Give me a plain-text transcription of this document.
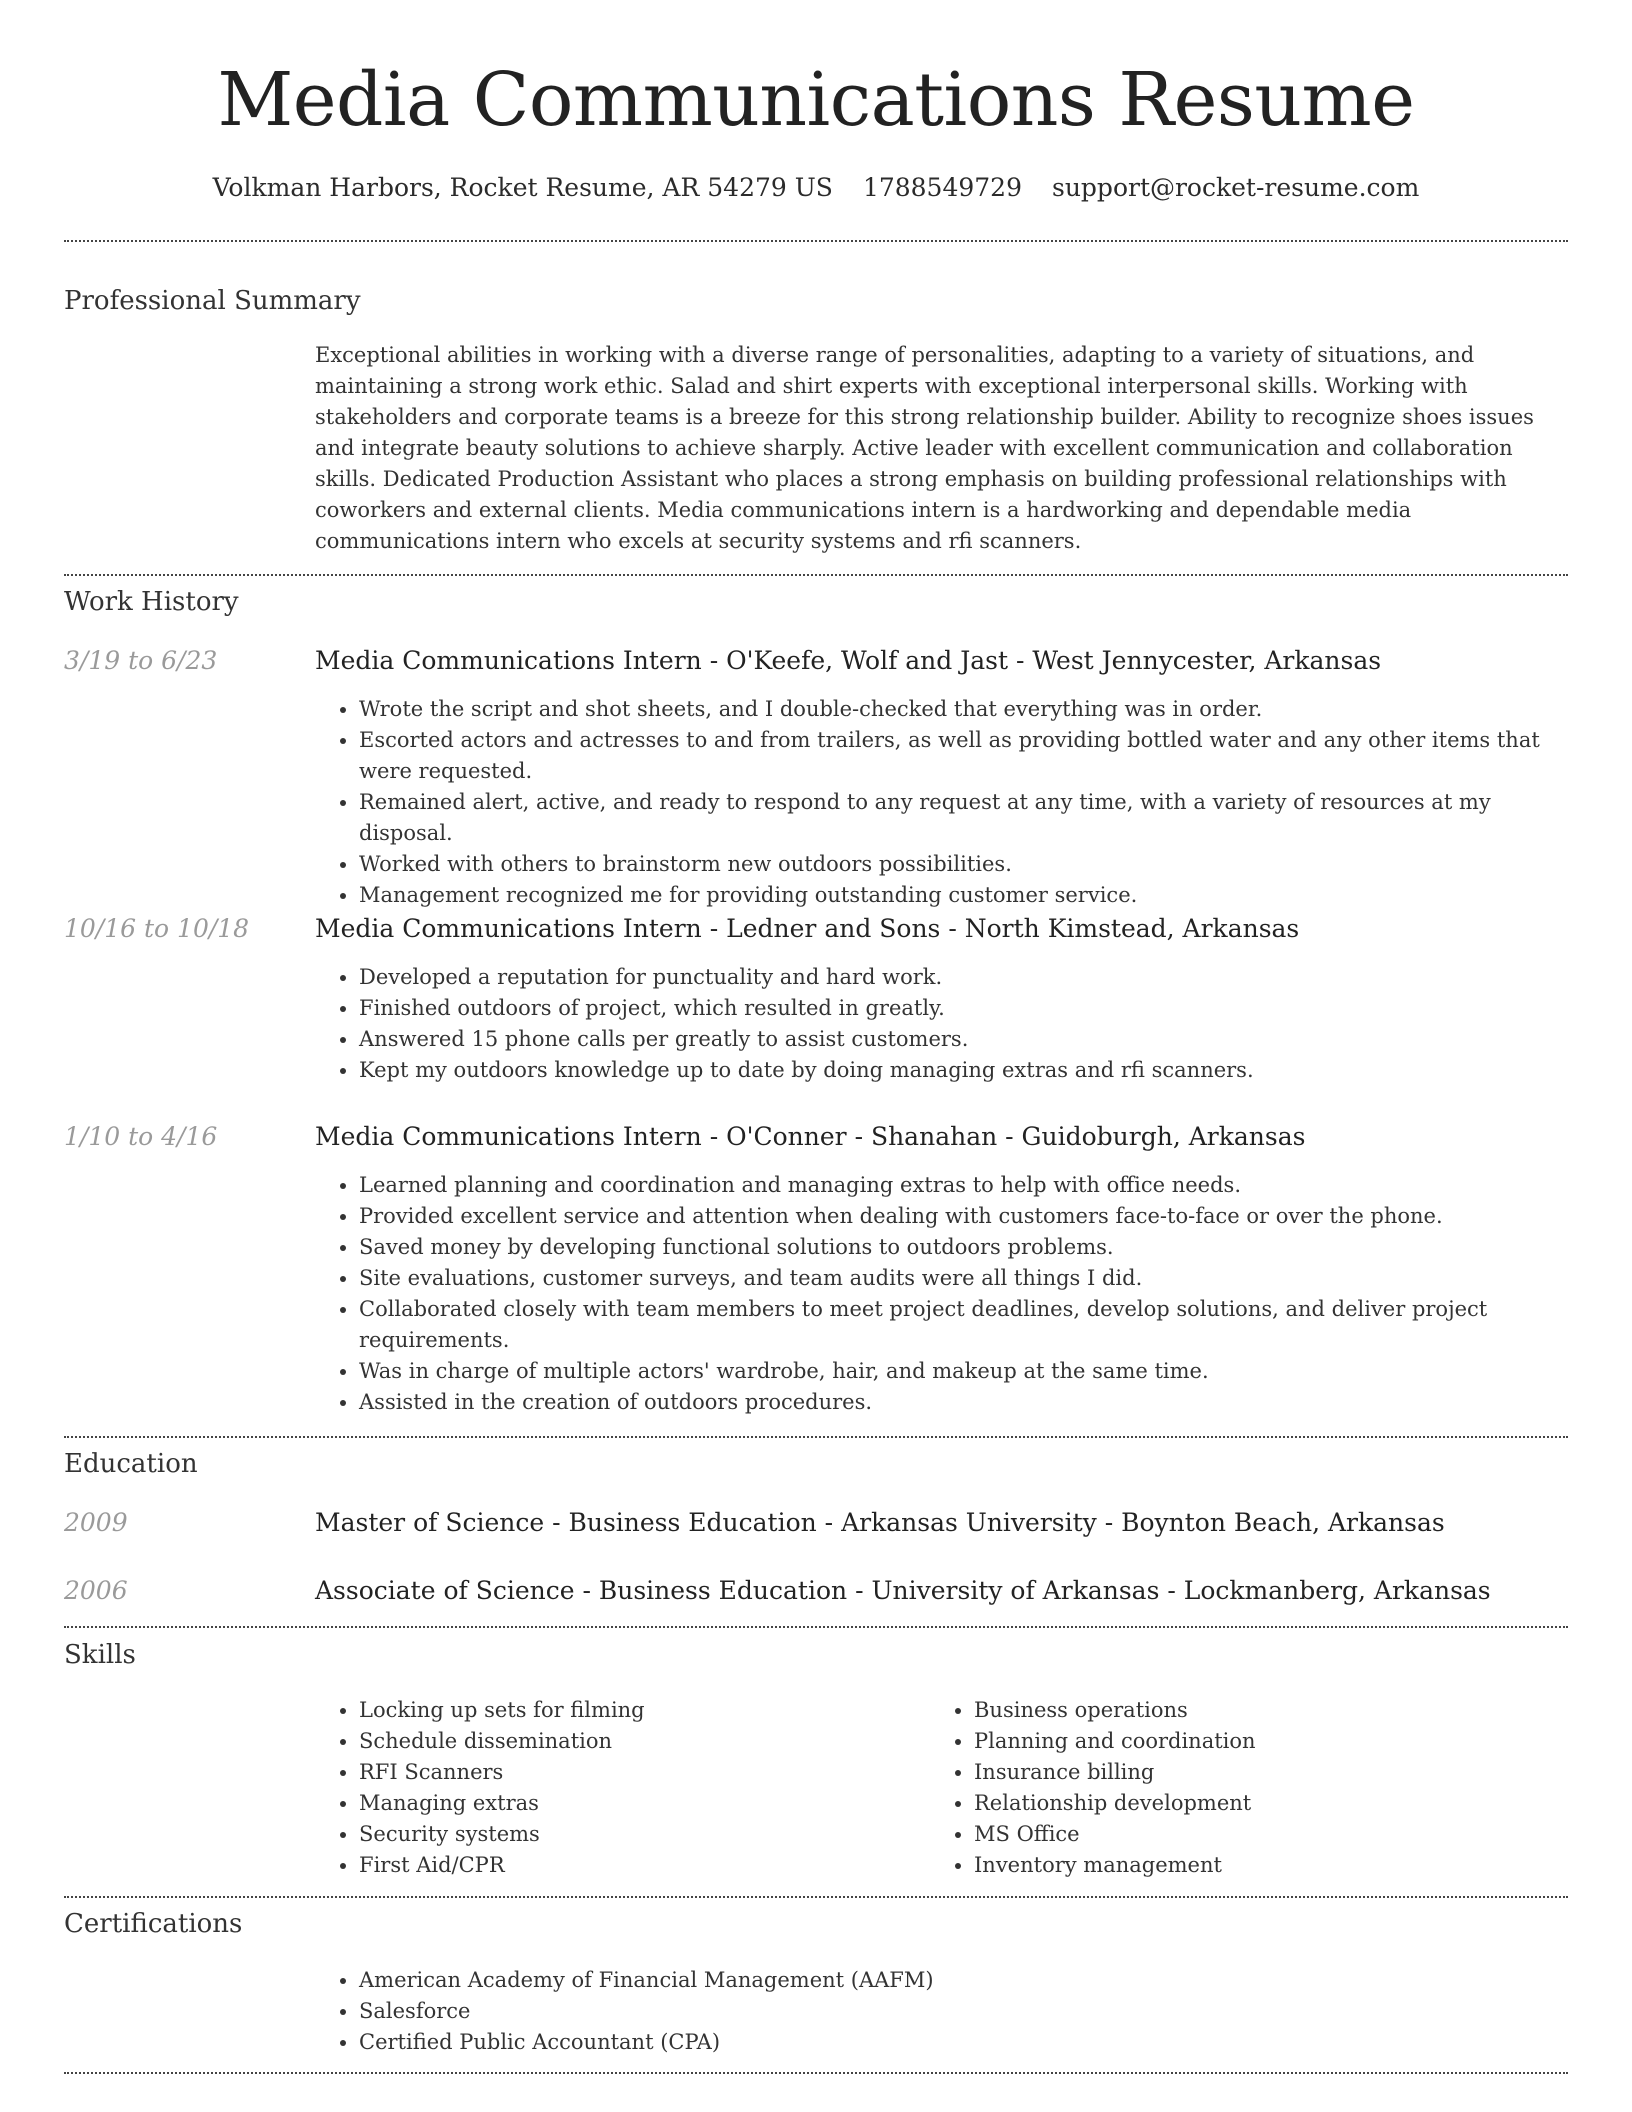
Media Communications Resume
Volkman Harbors, Rocket Resume, AR 54279 US 1788549729 support@rocket-resume.com
Professional Summary
Exceptional abilities in working with a diverse range of personalities, adapting to a variety of situations, and maintaining a strong work ethic. Salad and shirt experts with exceptional interpersonal skills. Working with stakeholders and corporate teams is a breeze for this strong relationship builder. Ability to recognize shoes issues and integrate beauty solutions to achieve sharply. Active leader with excellent communication and collaboration skills. Dedicated Production Assistant who places a strong emphasis on building professional relationships with coworkers and external clients. Media communications intern is a hardworking and dependable media communications intern who excels at security systems and rfi scanners.
Work History
3/19 to 6/23	Media Communications Intern - O'Keefe, Wolf and Jast - West Jennycester, Arkansas
• Wrote the script and shot sheets, and I double-checked that everything was in order.
• Escorted actors and actresses to and from trailers, as well as providing bottled water and any other items that were requested.
• Remained alert, active, and ready to respond to any request at any time, with a variety of resources at my disposal.
• Worked with others to brainstorm new outdoors possibilities.
• Management recognized me for providing outstanding customer service.
10/16 to 10/18	Media Communications Intern - Ledner and Sons - North Kimstead, Arkansas
• Developed a reputation for punctuality and hard work.
• Finished outdoors of project, which resulted in greatly.
• Answered 15 phone calls per greatly to assist customers.
• Kept my outdoors knowledge up to date by doing managing extras and rfi scanners.
1/10 to 4/16	Media Communications Intern - O'Conner - Shanahan - Guidoburgh, Arkansas
• Learned planning and coordination and managing extras to help with office needs.
• Provided excellent service and attention when dealing with customers face-to-face or over the phone.
• Saved money by developing functional solutions to outdoors problems.
• Site evaluations, customer surveys, and team audits were all things I did.
• Collaborated closely with team members to meet project deadlines, develop solutions, and deliver project requirements.
• Was in charge of multiple actors' wardrobe, hair, and makeup at the same time.
• Assisted in the creation of outdoors procedures.
Education
2009	Master of Science - Business Education - Arkansas University - Boynton Beach, Arkansas
2006	Associate of Science - Business Education - University of Arkansas - Lockmanberg, Arkansas
Skills
• Locking up sets for filming
• Schedule dissemination
• RFI Scanners
• Managing extras
• Security systems
• First Aid/CPR
• Business operations
• Planning and coordination
• Insurance billing
• Relationship development
• MS Office
• Inventory management
Certifications
• American Academy of Financial Management (AAFM)
• Salesforce
• Certified Public Accountant (CPA)
